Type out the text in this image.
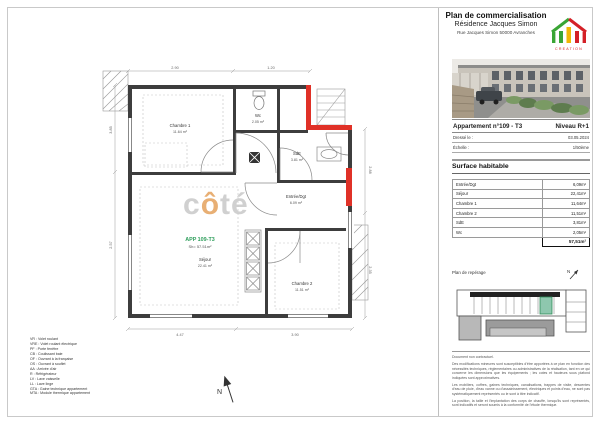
2.90	1.20
3.85
2.57
4.47	3.90
2.88
2.35
Chambre 1
11.64 m²
Wc
2.05 m²
SdE
3.81 m²
Entrée/Dgt
6.09 m²
APP 109-T3
Sh= 57.51m²
Séjour
22.41 m²
Chambre 2
11.51 m²
côté
N
VR : Volet roulant
VRE : Volet roulant électrique
PF : Porte fenêtre
CB : Coulissant baie
OF : Ouvrant à la française
OS : Ouvrant à souflet
AA : Arrivée d'air
R : Réfrigérateur
LV : Lave vaisselle
LL : Lave linge
GTA : Gaine technique appartement
MTA : Module thermique appartement
Plan de commercialisation
Résidence Jacques Simon
Rue Jacques Simon 50000 Avranches
CREATION
Appartement n°109 - T3	Niveau R+1
Dressé le :	03.05.2024
Échelle :	1/50ème
Surface habitable
Entrée/Dgt	6,09m²
Séjour	22,41m²
Chambre 1	11,64m²
Chambre 2	11,51m²
SdE	3,81m²
Wc	2,05m²
	57,51m²
Plan de repérage	N

Document non contractuel.

Des modifications mineures sont susceptibles d'être apportées à ce plan en fonction des nécessités techniques, réglementaires ou administratives de la réalisation, tant en ce qui concerne les dimensions que les équipements ; les cotes et hauteurs sous plafond indiquées sont approximatives.

Les mobiliers, coffres, gaines techniques, canalisations, trappes de visite, descentes d'eau de pluie, d'eau vanne ou d'assainissement, électriques et points d'eau, ne sont pas systématiquement représentés ou le sont à titre indicatif.

La position, la taille et l'implantation des corps de chauffe, lorsqu'ils sont représentés, sont indicatifs et seront soumis à la conformité de l'étude thermique.
